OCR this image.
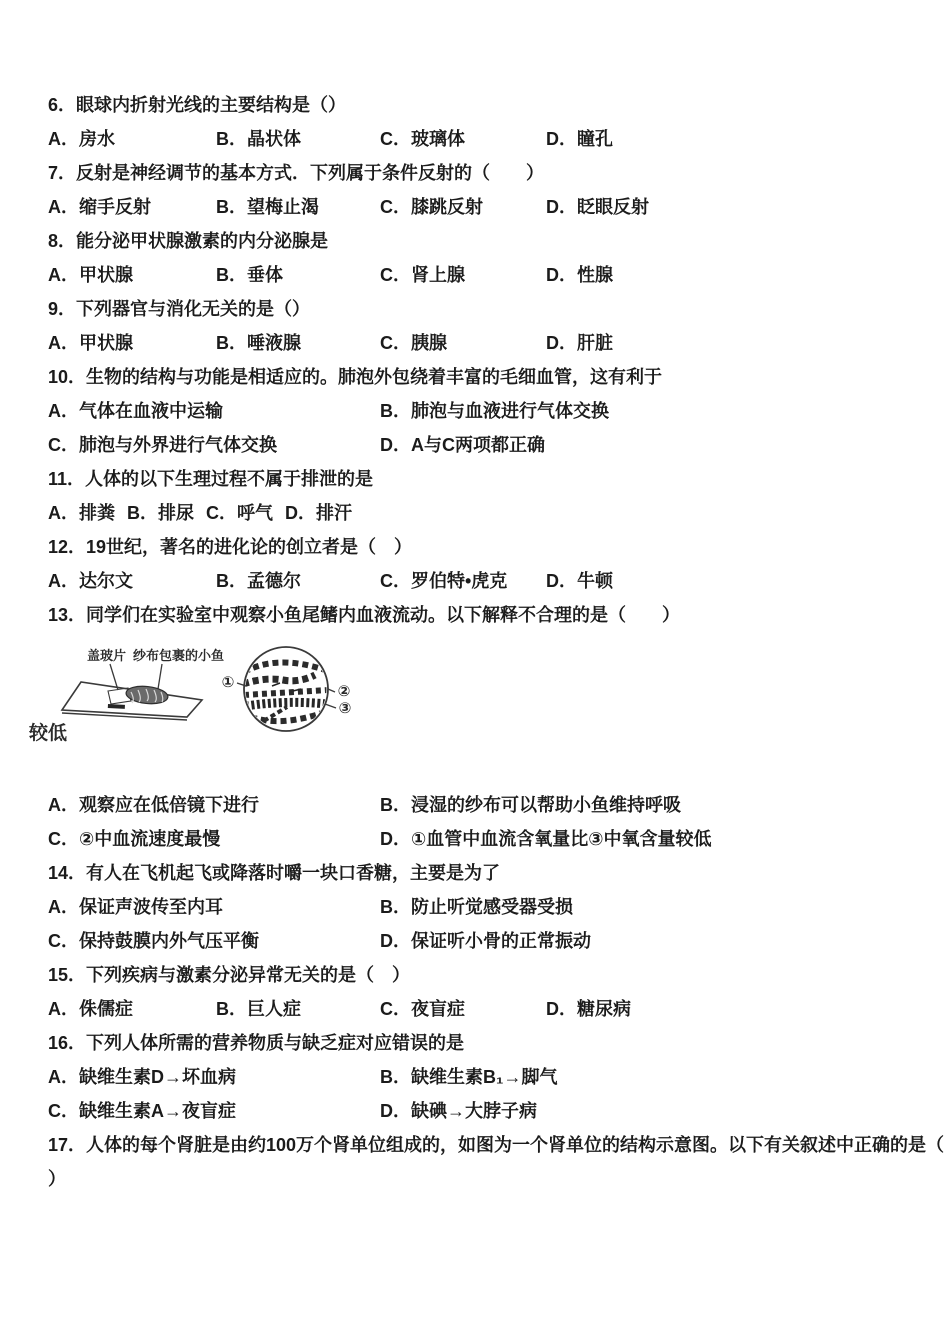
6．眼球内折射光线的主要结构是（）
A．房水	B．晶状体	C．玻璃体	D．瞳孔
7．反射是神经调节的基本方式．下列属于条件反射的（　　）
A．缩手反射	B．望梅止渴	C．膝跳反射	D．眨眼反射
8．能分泌甲状腺激素的内分泌腺是
A．甲状腺	B．垂体	C．肾上腺	D．性腺
9．下列器官与消化无关的是（）
A．甲状腺	B．唾液腺	C．胰腺	D．肝脏
10．生物的结构与功能是相适应的。肺泡外包绕着丰富的毛细血管，这有利于
A．气体在血液中运输	B．肺泡与血液进行气体交换
C．肺泡与外界进行气体交换	D．A与C两项都正确
11．人体的以下生理过程不属于排泄的是
A．排粪 B．排尿 C．呼气 D．排汗
12．19世纪，著名的进化论的创立者是（　）
A．达尔文	B．孟德尔	C．罗伯特•虎克	D．牛顿
13．同学们在实验室中观察小鱼尾鳍内血液流动。以下解释不合理的是（　　）
盖玻片 纱布包裹的小鱼
较低
①
②
③
A．观察应在低倍镜下进行	B．浸湿的纱布可以帮助小鱼维持呼吸
C．②中血流速度最慢	D．①血管中血流含氧量比③中氧含量较低
14．有人在飞机起飞或降落时嚼一块口香糖，主要是为了
A．保证声波传至内耳	B．防止听觉感受器受损
C．保持鼓膜内外气压平衡	D．保证听小骨的正常振动
15．下列疾病与激素分泌异常无关的是（　）
A．侏儒症	B．巨人症	C．夜盲症	D．糖尿病
16．下列人体所需的营养物质与缺乏症对应错误的是
A．缺维生素D→坏血病	B．缺维生素B₁→脚气
C．缺维生素A→夜盲症	D．缺碘→大脖子病
17．人体的每个肾脏是由约100万个肾单位组成的，如图为一个肾单位的结构示意图。以下有关叙述中正确的是（
）
